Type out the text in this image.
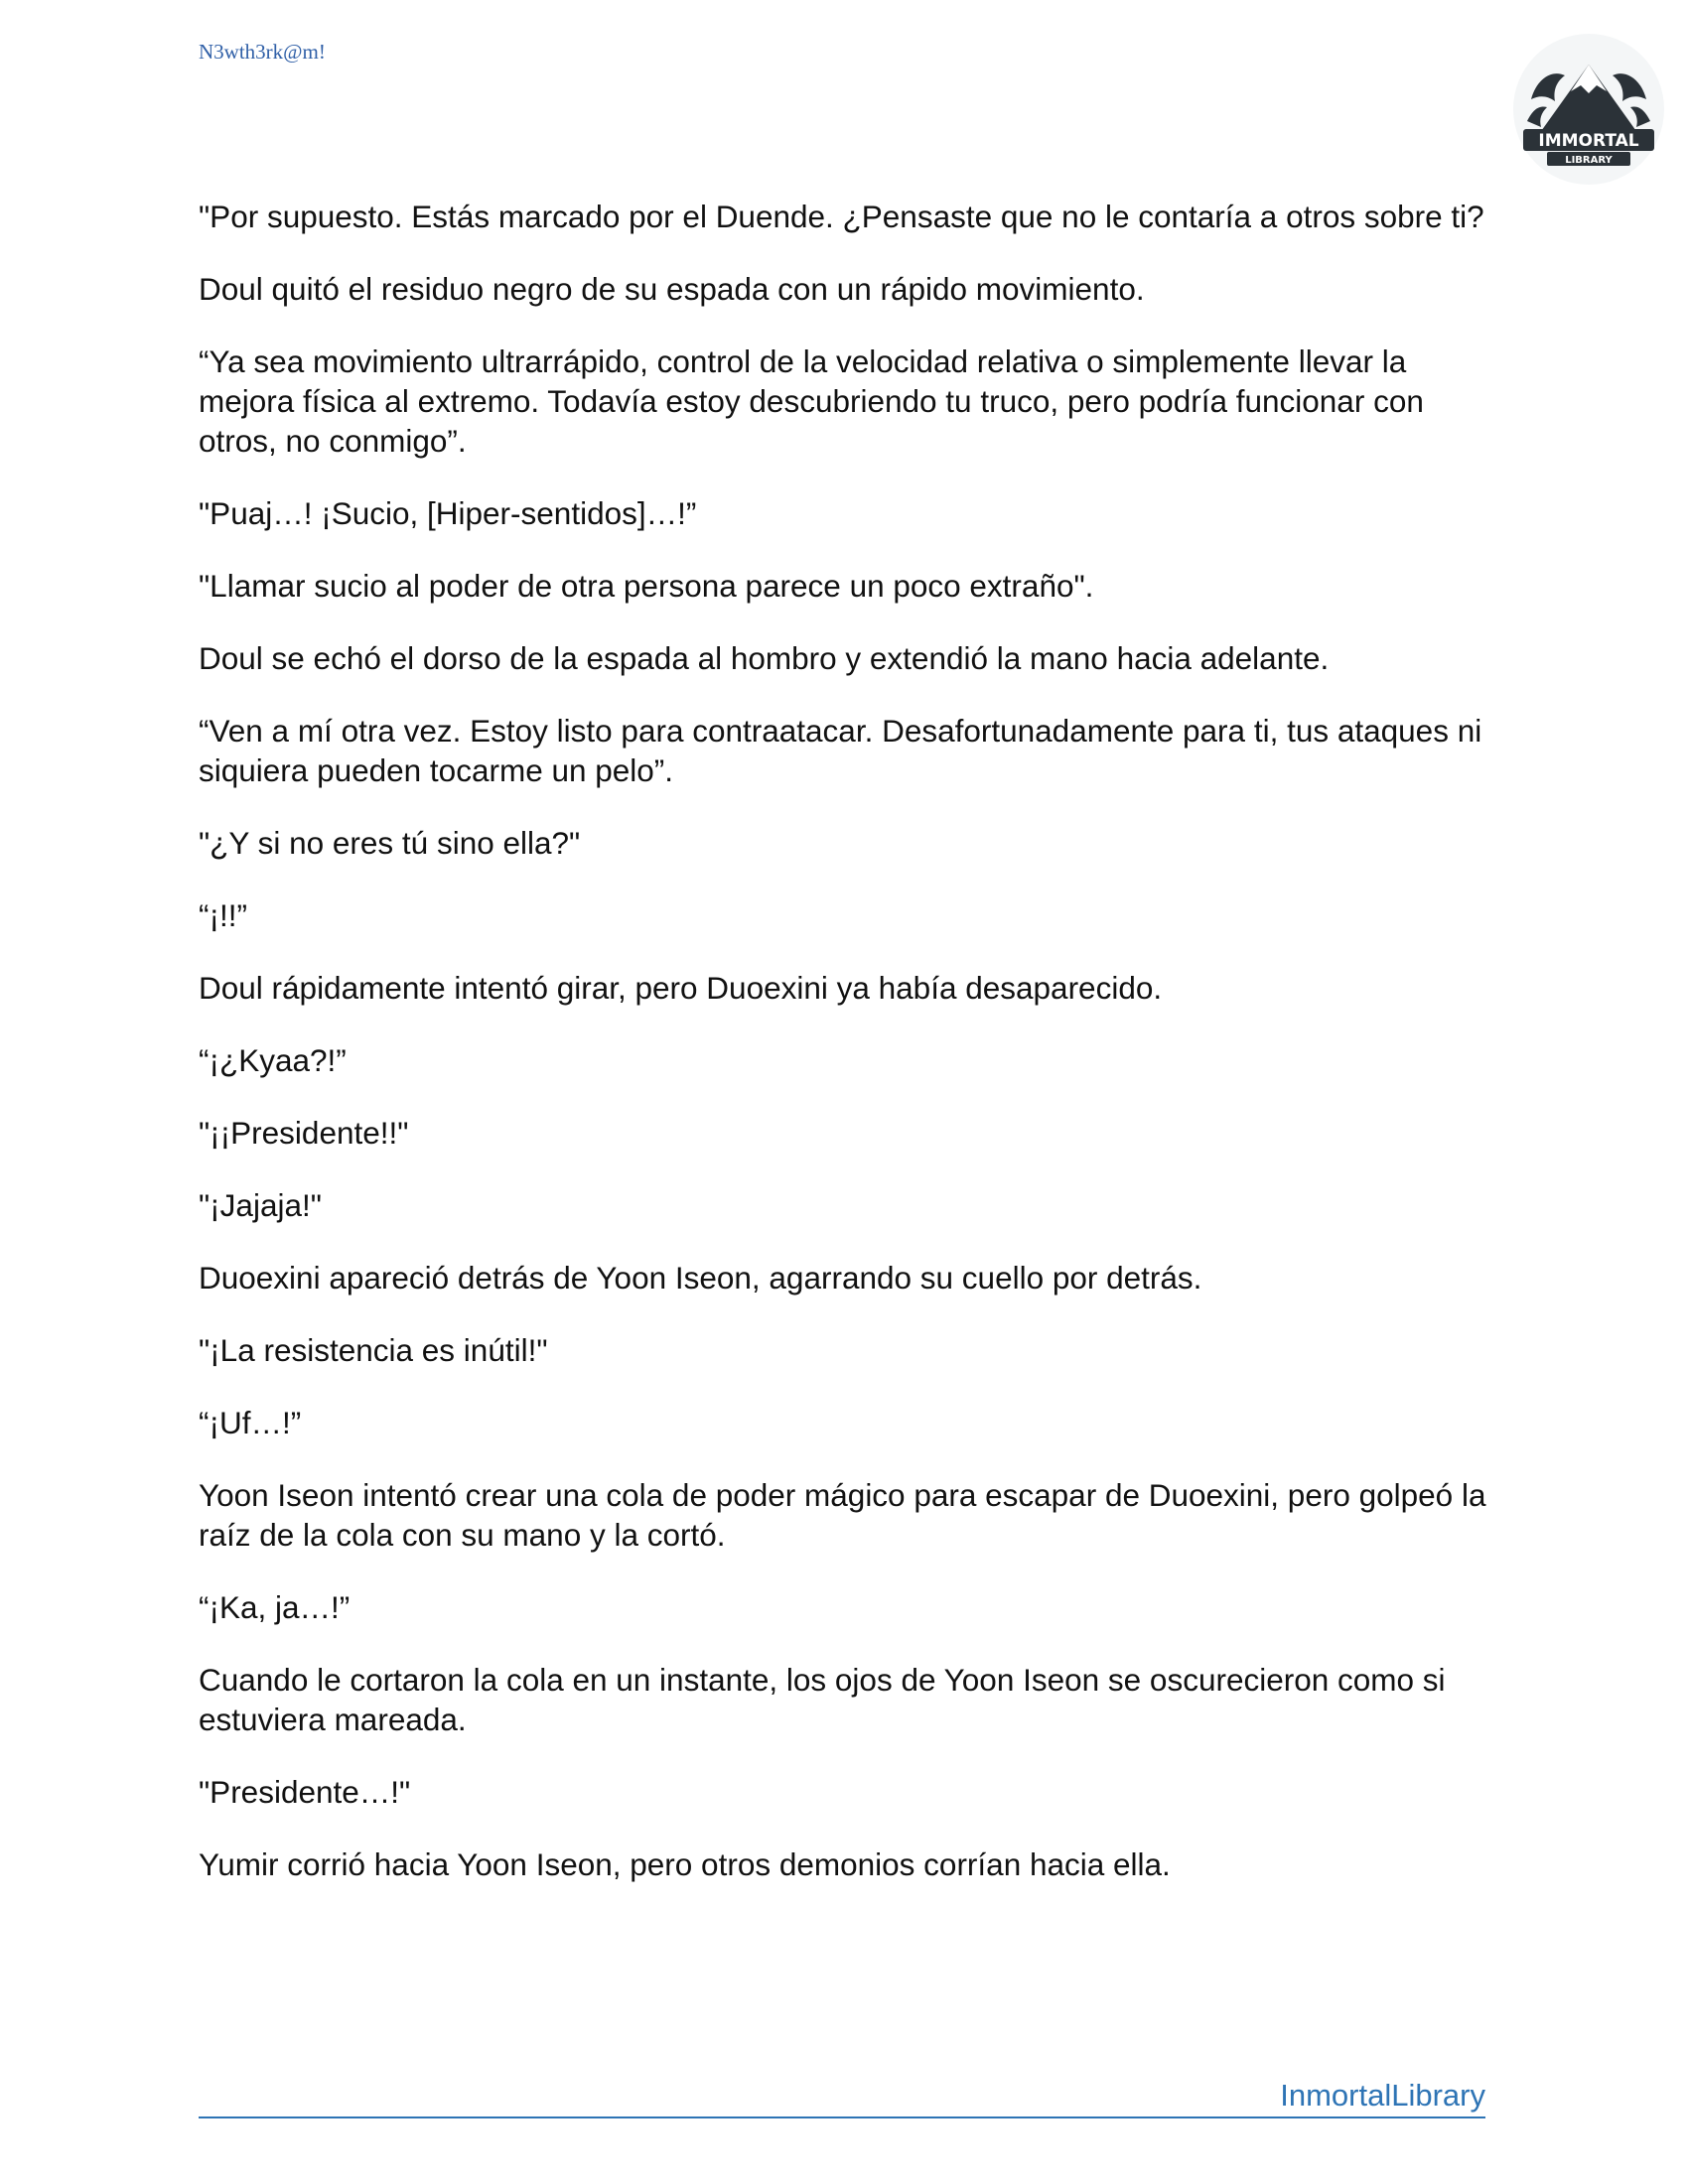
N3wth3rk@m!
IMMORTAL
LIBRARY

"Por supuesto. Estás marcado por el Duende. ¿Pensaste que no le contaría a otros sobre ti?

Doul quitó el residuo negro de su espada con un rápido movimiento.

“Ya sea movimiento ultrarrápido, control de la velocidad relativa o simplemente llevar la mejora física al extremo. Todavía estoy descubriendo tu truco, pero podría funcionar con otros, no conmigo”.

"Puaj…! ¡Sucio, [Hiper-sentidos]…!”

"Llamar sucio al poder de otra persona parece un poco extraño".

Doul se echó el dorso de la espada al hombro y extendió la mano hacia adelante.

“Ven a mí otra vez. Estoy listo para contraatacar. Desafortunadamente para ti, tus ataques ni siquiera pueden tocarme un pelo”.

"¿Y si no eres tú sino ella?"

“¡!!”

Doul rápidamente intentó girar, pero Duoexini ya había desaparecido.

“¡¿Kyaa?!”

"¡¡Presidente!!"

"¡Jajaja!"

Duoexini apareció detrás de Yoon Iseon, agarrando su cuello por detrás.

"¡La resistencia es inútil!"

“¡Uf…!”

Yoon Iseon intentó crear una cola de poder mágico para escapar de Duoexini, pero golpeó la raíz de la cola con su mano y la cortó.

“¡Ka, ja…!”

Cuando le cortaron la cola en un instante, los ojos de Yoon Iseon se oscurecieron como si estuviera mareada.

"Presidente…!"

Yumir corrió hacia Yoon Iseon, pero otros demonios corrían hacia ella.

InmortalLibrary
